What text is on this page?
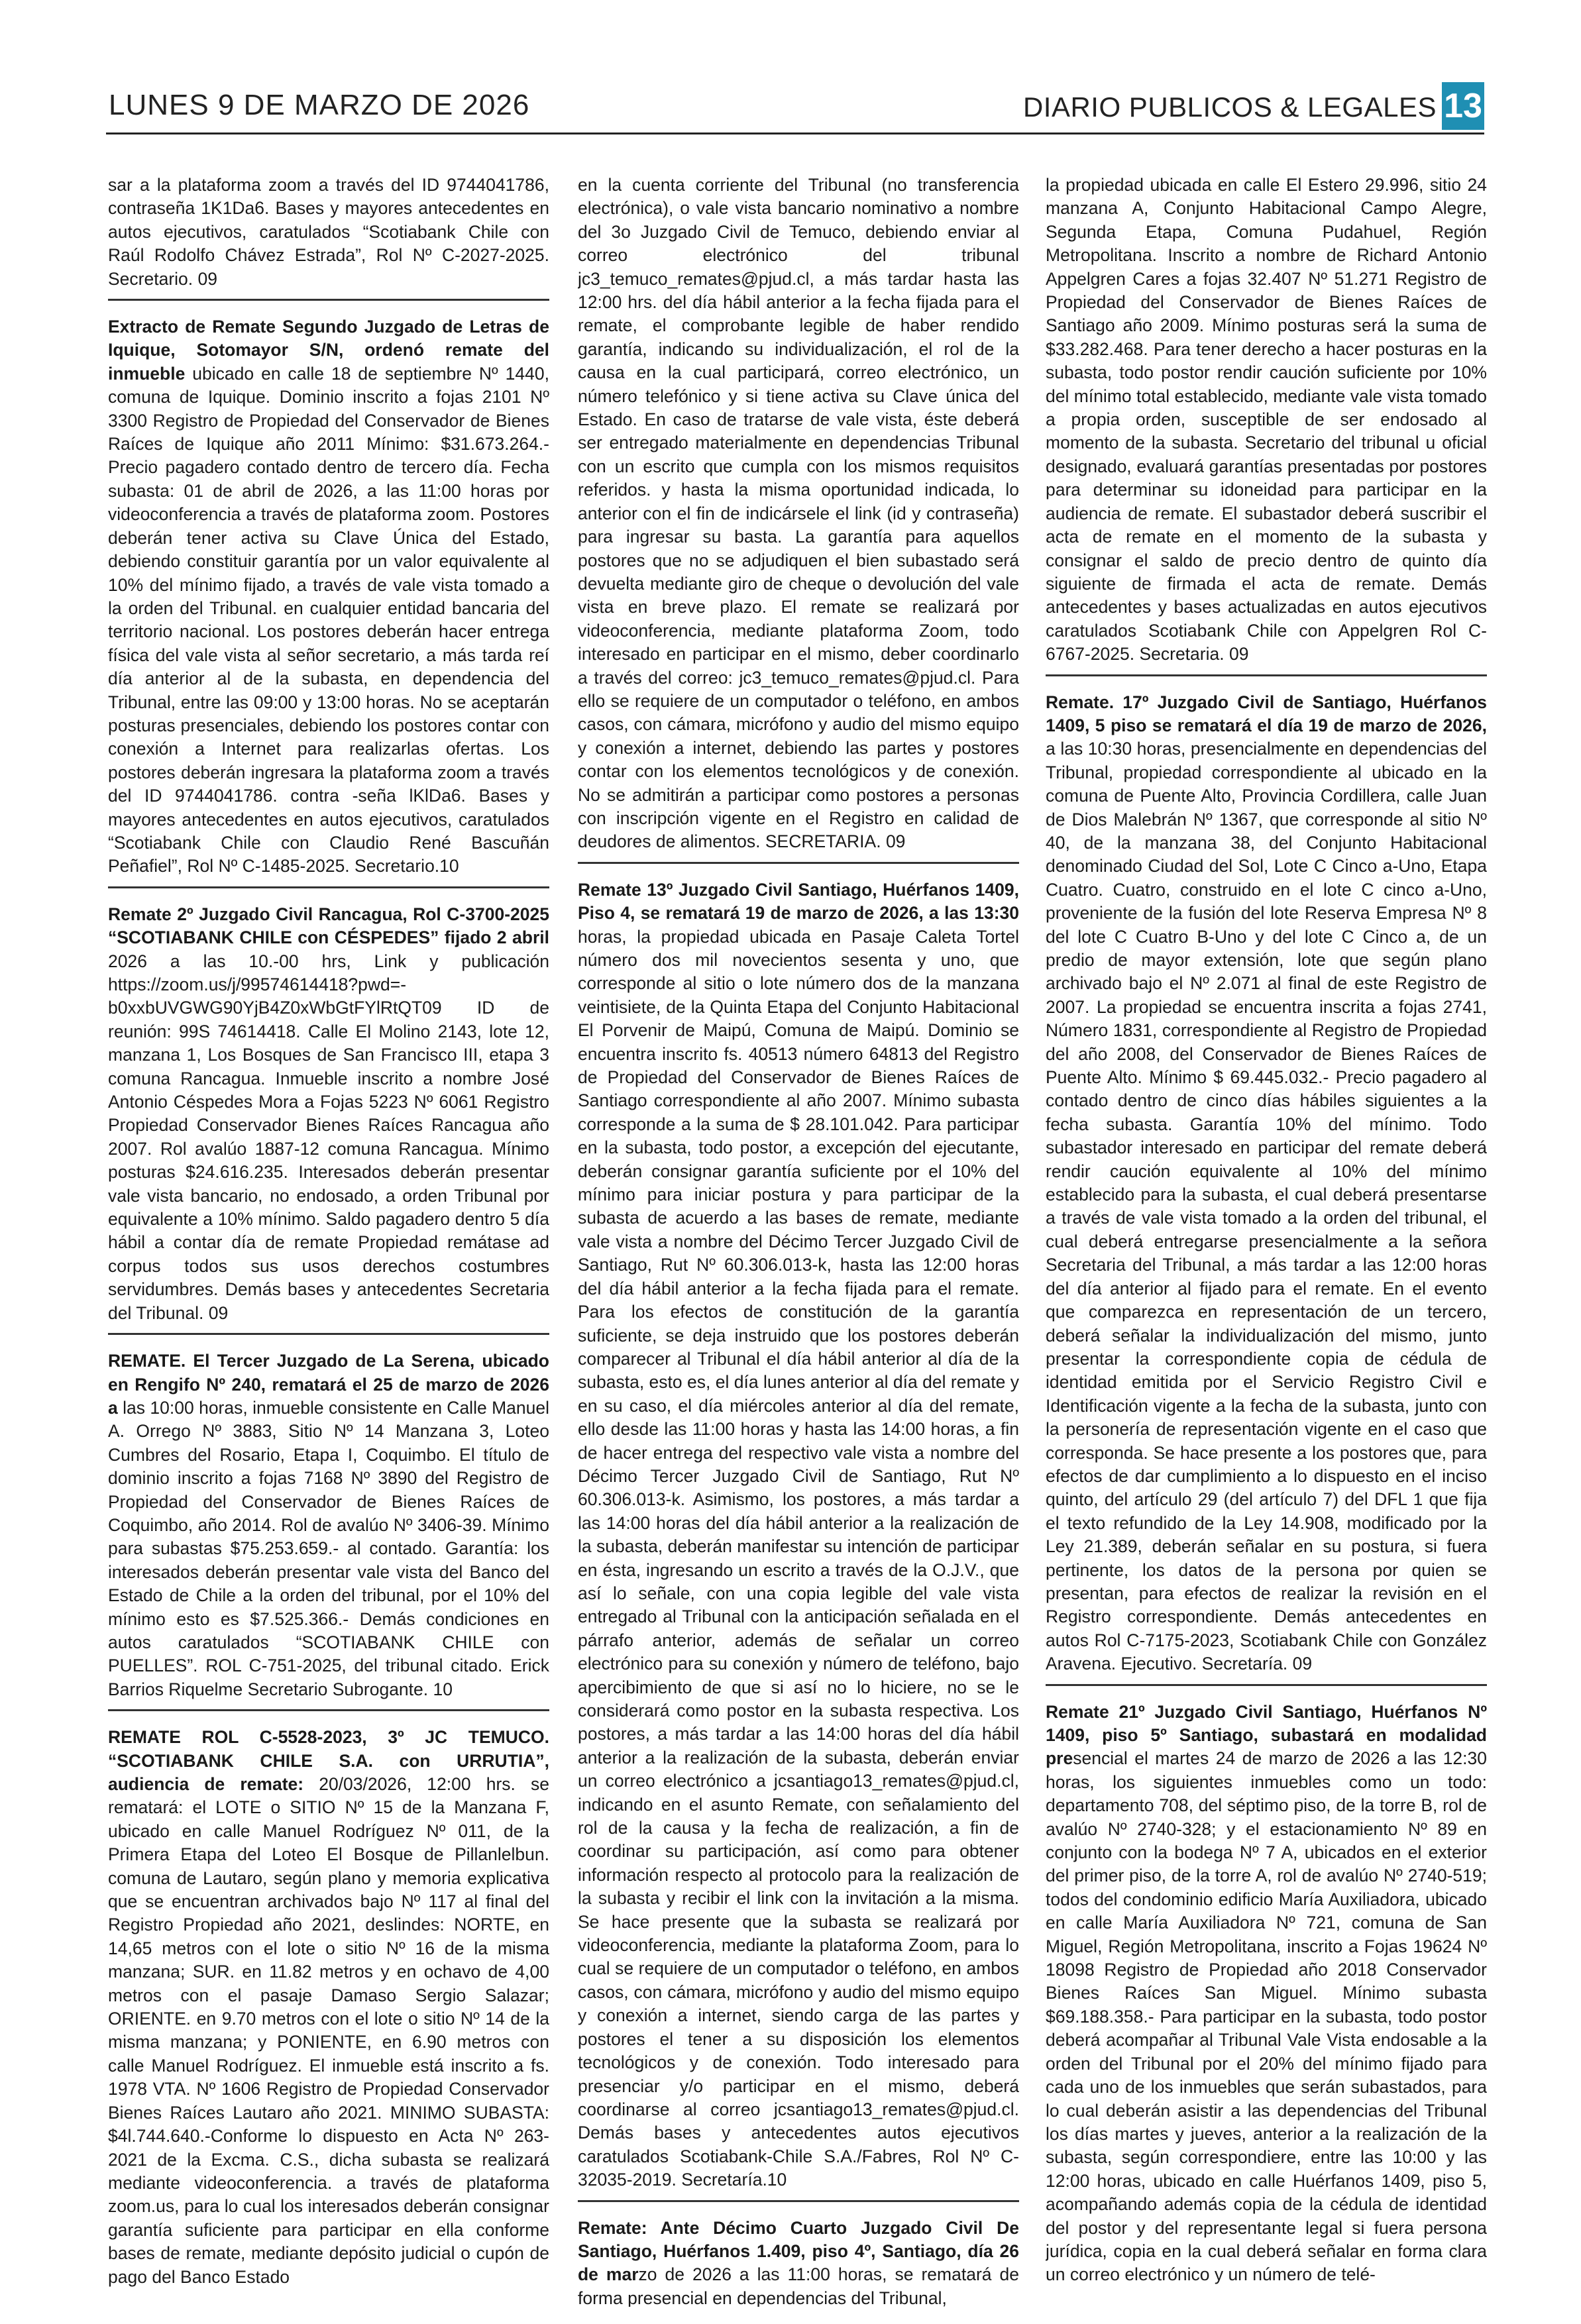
LUNES 9 DE MARZO DE 2026	DIARIO PUBLICOS & LEGALES 13

sar a la plataforma zoom a través del ID 9744041786, contraseña 1K1Da6. Bases y mayores antecedentes en autos ejecutivos, caratulados “Scotiabank Chile con Raúl Rodolfo Chávez Estrada”, Rol Nº C-2027-2025. Secretario. 09

Extracto de Remate Segundo Juzgado de Letras de Iquique, Sotomayor S/N, ordenó remate del inmueble ubicado en calle 18 de septiembre Nº 1440, comuna de Iquique. Dominio inscrito a fojas 2101 Nº 3300 Registro de Propiedad del Conservador de Bienes Raíces de Iquique año 2011 Mínimo: $31.673.264.- Precio pagadero contado dentro de tercero día. Fecha subasta: 01 de abril de 2026, a las 11:00 horas por videoconferencia a través de plataforma zoom. Postores deberán tener activa su Clave Única del Estado, debiendo constituir garantía por un valor equivalente al 10% del mínimo fijado, a través de vale vista tomado a la orden del Tribunal. en cualquier entidad bancaria del territorio nacional. Los postores deberán hacer entrega física del vale vista al señor secretario, a más tarda reí día anterior al de la subasta, en dependencia del Tribunal, entre las 09:00 y 13:00 horas. No se aceptarán posturas presenciales, debiendo los postores contar con conexión a Internet para realizarlas ofertas. Los postores deberán ingresara la plataforma zoom a través del ID 9744041786. contra -seña lKlDa6. Bases y mayores antecedentes en autos ejecutivos, caratulados “Scotiabank Chile con Claudio René Bascuñán Peñafiel”, Rol Nº C-1485-2025. Secretario.10

Remate 2º Juzgado Civil Rancagua, Rol C-3700-2025 “SCOTIABANK CHILE con CÉSPEDES” fijado 2 abril 2026 a las 10.-00 hrs, Link y publicación https://zoom.us/j/99574614418?pwd=-b0xxbUVGWG90YjB4Z0xWbGtFYlRtQT09 ID de reunión: 99S 74614418. Calle El Molino 2143, lote 12, manzana 1, Los Bosques de San Francisco III, etapa 3 comuna Rancagua. Inmueble inscrito a nombre José Antonio Céspedes Mora a Fojas 5223 Nº 6061 Registro Propiedad Conservador Bienes Raíces Rancagua año 2007. Rol avalúo 1887-12 comuna Rancagua. Mínimo posturas $24.616.235. Interesados deberán presentar vale vista bancario, no endosado, a orden Tribunal por equivalente a 10% mínimo. Saldo pagadero dentro 5 día hábil a contar día de remate Propiedad remátase ad corpus todos sus usos derechos costumbres servidumbres. Demás bases y antecedentes Secretaria del Tribunal. 09

REMATE. El Tercer Juzgado de La Serena, ubicado en Rengifo Nº 240, rematará el 25 de marzo de 2026 a las 10:00 horas, inmueble consistente en Calle Manuel A. Orrego Nº 3883, Sitio Nº 14 Manzana 3, Loteo Cumbres del Rosario, Etapa I, Coquimbo. El título de dominio inscrito a fojas 7168 Nº 3890 del Registro de Propiedad del Conservador de Bienes Raíces de Coquimbo, año 2014. Rol de avalúo Nº 3406-39. Mínimo para subastas $75.253.659.- al contado. Garantía: los interesados deberán presentar vale vista del Banco del Estado de Chile a la orden del tribunal, por el 10% del mínimo esto es $7.525.366.- Demás condiciones en autos caratulados “SCOTIABANK CHILE con PUELLES”. ROL C-751-2025, del tribunal citado. Erick Barrios Riquelme Secretario Subrogante. 10

REMATE ROL C-5528-2023, 3º JC TEMUCO. “SCOTIABANK CHILE S.A. con URRUTIA”, audiencia de remate: 20/03/2026, 12:00 hrs. se rematará: el LOTE o SITIO Nº 15 de la Manzana F, ubicado en calle Manuel Rodríguez Nº 011, de la Primera Etapa del Loteo El Bosque de Pillanlelbun. comuna de Lautaro, según plano y memoria explicativa que se encuentran archivados bajo Nº 117 al final del Registro Propiedad año 2021, deslindes: NORTE, en 14,65 metros con el lote o sitio Nº 16 de la misma manzana; SUR. en 11.82 metros y en ochavo de 4,00 metros con el pasaje Damaso Sergio Salazar; ORIENTE. en 9.70 metros con el lote o sitio Nº 14 de la misma manzana; y PONIENTE, en 6.90 metros con calle Manuel Rodríguez. El inmueble está inscrito a fs. 1978 VTA. Nº 1606 Registro de Propiedad Conservador Bienes Raíces Lautaro año 2021. MINIMO SUBASTA: $4l.744.640.-Conforme lo dispuesto en Acta Nº 263-2021 de la Excma. C.S., dicha subasta se realizará mediante videoconferencia. a través de plataforma zoom.us, para lo cual los interesados deberán consignar garantía suficiente para participar en ella conforme bases de remate, mediante depósito judicial o cupón de pago del Banco Estado

en la cuenta corriente del Tribunal (no transferencia electrónica), o vale vista bancario nominativo a nombre del 3o Juzgado Civil de Temuco, debiendo enviar al correo electrónico del tribunal jc3_temuco_remates@pjud.cl, a más tardar hasta las 12:00 hrs. del día hábil anterior a la fecha fijada para el remate, el comprobante legible de haber rendido garantía, indicando su individualización, el rol de la causa en la cual participará, correo electrónico, un número telefónico y si tiene activa su Clave única del Estado. En caso de tratarse de vale vista, éste deberá ser entregado materialmente en dependencias Tribunal con un escrito que cumpla con los mismos requisitos referidos. y hasta la misma oportunidad indicada, lo anterior con el fin de indicársele el link (id y contraseña) para ingresar su basta. La garantía para aquellos postores que no se adjudiquen el bien subastado será devuelta mediante giro de cheque o devolución del vale vista en breve plazo. El remate se realizará por videoconferencia, mediante plataforma Zoom, todo interesado en participar en el mismo, deber coordinarlo a través del correo: jc3_temuco_remates@pjud.cl. Para ello se requiere de un computador o teléfono, en ambos casos, con cámara, micrófono y audio del mismo equipo y conexión a internet, debiendo las partes y postores contar con los elementos tecnológicos y de conexión. No se admitirán a participar como postores a personas con inscripción vigente en el Registro en calidad de deudores de alimentos. SECRETARIA. 09

Remate 13º Juzgado Civil Santiago, Huérfanos 1409, Piso 4, se rematará 19 de marzo de 2026, a las 13:30 horas, la propiedad ubicada en Pasaje Caleta Tortel número dos mil novecientos sesenta y uno, que corresponde al sitio o lote número dos de la manzana veintisiete, de la Quinta Etapa del Conjunto Habitacional El Porvenir de Maipú, Comuna de Maipú. Dominio se encuentra inscrito fs. 40513 número 64813 del Registro de Propiedad del Conservador de Bienes Raíces de Santiago correspondiente al año 2007. Mínimo subasta corresponde a la suma de $ 28.101.042. Para participar en la subasta, todo postor, a excepción del ejecutante, deberán consignar garantía suficiente por el 10% del mínimo para iniciar postura y para participar de la subasta de acuerdo a las bases de remate, mediante vale vista a nombre del Décimo Tercer Juzgado Civil de Santiago, Rut Nº 60.306.013-k, hasta las 12:00 horas del día hábil anterior a la fecha fijada para el remate. Para los efectos de constitución de la garantía suficiente, se deja instruido que los postores deberán comparecer al Tribunal el día hábil anterior al día de la subasta, esto es, el día lunes anterior al día del remate y en su caso, el día miércoles anterior al día del remate, ello desde las 11:00 horas y hasta las 14:00 horas, a fin de hacer entrega del respectivo vale vista a nombre del Décimo Tercer Juzgado Civil de Santiago, Rut Nº 60.306.013-k. Asimismo, los postores, a más tardar a las 14:00 horas del día hábil anterior a la realización de la subasta, deberán manifestar su intención de participar en ésta, ingresando un escrito a través de la O.J.V., que así lo señale, con una copia legible del vale vista entregado al Tribunal con la anticipación señalada en el párrafo anterior, además de señalar un correo electrónico para su conexión y número de teléfono, bajo apercibimiento de que si así no lo hiciere, no se le considerará como postor en la subasta respectiva. Los postores, a más tardar a las 14:00 horas del día hábil anterior a la realización de la subasta, deberán enviar un correo electrónico a jcsantiago13_remates@pjud.cl, indicando en el asunto Remate, con señalamiento del rol de la causa y la fecha de realización, a fin de coordinar su participación, así como para obtener información respecto al protocolo para la realización de la subasta y recibir el link con la invitación a la misma. Se hace presente que la subasta se realizará por videoconferencia, mediante la plataforma Zoom, para lo cual se requiere de un computador o teléfono, en ambos casos, con cámara, micrófono y audio del mismo equipo y conexión a internet, siendo carga de las partes y postores el tener a su disposición los elementos tecnológicos y de conexión. Todo interesado para presenciar y/o participar en el mismo, deberá coordinarse al correo jcsantiago13_remates@pjud.cl. Demás bases y antecedentes autos ejecutivos caratulados Scotiabank-Chile S.A./Fabres, Rol Nº C-32035-2019. Secretaría.10

Remate: Ante Décimo Cuarto Juzgado Civil De Santiago, Huérfanos 1.409, piso 4º, Santiago, día 26 de marzo de 2026 a las 11:00 horas, se rematará de forma presencial en dependencias del Tribunal,

la propiedad ubicada en calle El Estero 29.996, sitio 24 manzana A, Conjunto Habitacional Campo Alegre, Segunda Etapa, Comuna Pudahuel, Región Metropolitana. Inscrito a nombre de Richard Antonio Appelgren Cares a fojas 32.407 Nº 51.271 Registro de Propiedad del Conservador de Bienes Raíces de Santiago año 2009. Mínimo posturas será la suma de $33.282.468. Para tener derecho a hacer posturas en la subasta, todo postor rendir caución suficiente por 10% del mínimo total establecido, mediante vale vista tomado a propia orden, susceptible de ser endosado al momento de la subasta. Secretario del tribunal u oficial designado, evaluará garantías presentadas por postores para determinar su idoneidad para participar en la audiencia de remate. El subastador deberá suscribir el acta de remate en el momento de la subasta y consignar el saldo de precio dentro de quinto día siguiente de firmada el acta de remate. Demás antecedentes y bases actualizadas en autos ejecutivos caratulados Scotiabank Chile con Appelgren Rol C-6767-2025. Secretaria. 09

Remate. 17º Juzgado Civil de Santiago, Huérfanos 1409, 5 piso se rematará el día 19 de marzo de 2026, a las 10:30 horas, presencialmente en dependencias del Tribunal, propiedad correspondiente al ubicado en la comuna de Puente Alto, Provincia Cordillera, calle Juan de Dios Malebrán Nº 1367, que corresponde al sitio Nº 40, de la manzana 38, del Conjunto Habitacional denominado Ciudad del Sol, Lote C Cinco a-Uno, Etapa Cuatro. Cuatro, construido en el lote C cinco a-Uno, proveniente de la fusión del lote Reserva Empresa Nº 8 del lote C Cuatro B-Uno y del lote C Cinco a, de un predio de mayor extensión, lote que según plano archivado bajo el Nº 2.071 al final de este Registro de 2007. La propiedad se encuentra inscrita a fojas 2741, Número 1831, correspondiente al Registro de Propiedad del año 2008, del Conservador de Bienes Raíces de Puente Alto. Mínimo $ 69.445.032.- Precio pagadero al contado dentro de cinco días hábiles siguientes a la fecha subasta. Garantía 10% del mínimo. Todo subastador interesado en participar del remate deberá rendir caución equivalente al 10% del mínimo establecido para la subasta, el cual deberá presentarse a través de vale vista tomado a la orden del tribunal, el cual deberá entregarse presencialmente a la señora Secretaria del Tribunal, a más tardar a las 12:00 horas del día anterior al fijado para el remate. En el evento que comparezca en representación de un tercero, deberá señalar la individualización del mismo, junto presentar la correspondiente copia de cédula de identidad emitida por el Servicio Registro Civil e Identificación vigente a la fecha de la subasta, junto con la personería de representación vigente en el caso que corresponda. Se hace presente a los postores que, para efectos de dar cumplimiento a lo dispuesto en el inciso quinto, del artículo 29 (del artículo 7) del DFL 1 que fija el texto refundido de la Ley 14.908, modificado por la Ley 21.389, deberán señalar en su postura, si fuera pertinente, los datos de la persona por quien se presentan, para efectos de realizar la revisión en el Registro correspondiente. Demás antecedentes en autos Rol C-7175-2023, Scotiabank Chile con González Aravena. Ejecutivo. Secretaría. 09

Remate 21º Juzgado Civil Santiago, Huérfanos Nº 1409, piso 5º Santiago, subastará en modalidad presencial el martes 24 de marzo de 2026 a las 12:30 horas, los siguientes inmuebles como un todo: departamento 708, del séptimo piso, de la torre B, rol de avalúo Nº 2740-328; y el estacionamiento Nº 89 en conjunto con la bodega Nº 7 A, ubicados en el exterior del primer piso, de la torre A, rol de avalúo Nº 2740-519; todos del condominio edificio María Auxiliadora, ubicado en calle María Auxiliadora Nº 721, comuna de San Miguel, Región Metropolitana, inscrito a Fojas 19624 Nº 18098 Registro de Propiedad año 2018 Conservador Bienes Raíces San Miguel. Mínimo subasta $69.188.358.- Para participar en la subasta, todo postor deberá acompañar al Tribunal Vale Vista endosable a la orden del Tribunal por el 20% del mínimo fijado para cada uno de los inmuebles que serán subastados, para lo cual deberán asistir a las dependencias del Tribunal los días martes y jueves, anterior a la realización de la subasta, según correspondiere, entre las 10:00 y las 12:00 horas, ubicado en calle Huérfanos 1409, piso 5, acompañando además copia de la cédula de identidad del postor y del representante legal si fuera persona jurídica, copia en la cual deberá señalar en forma clara un correo electrónico y un número de telé-
